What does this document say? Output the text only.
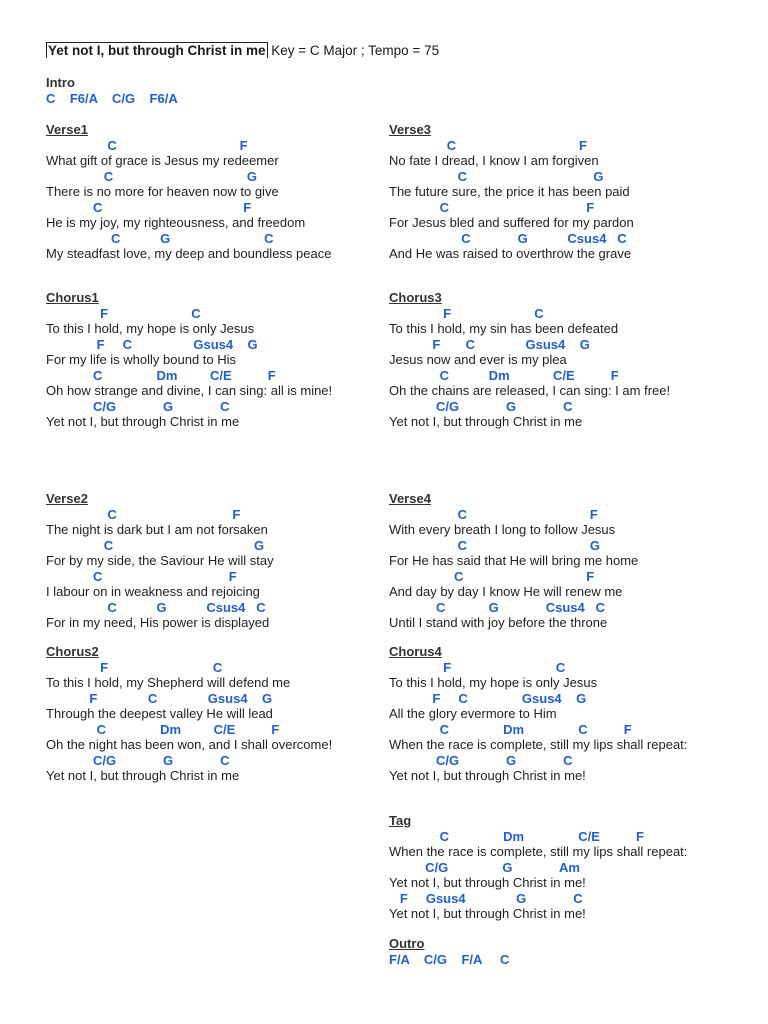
Yet not I, but through Christ in me Key = C Major ; Tempo = 75
Intro
C    F6/A    C/G    F6/A
Verse1
C                                  F
What gift of grace is Jesus my redeemer
C                                     G
There is no more for heaven now to give
C                                       F
He is my joy, my righteousness, and freedom
C           G                          C
My steadfast love, my deep and boundless peace
Chorus1
F                       C
To this I hold, my hope is only Jesus
F     C                 Gsus4    G
For my life is wholly bound to His
C               Dm         C/E          F
Oh how strange and divine, I can sing: all is mine!
C/G             G             C
Yet not I, but through Christ in me
Verse2
C                                F
The night is dark but I am not forsaken
C                                       G
For by my side, the Saviour He will stay
C                                   F
I labour on in weakness and rejoicing
C           G           Csus4   C
For in my need, His power is displayed
Chorus2
F                             C
To this I hold, my Shepherd will defend me
F              C              Gsus4    G
Through the deepest valley He will lead
C               Dm         C/E          F
Oh the night has been won, and I shall overcome!
C/G             G             C
Yet not I, but through Christ in me
Verse3
C                                  F
No fate I dread, I know I am forgiven
C                                   G
The future sure, the price it has been paid
C                                      F
For Jesus bled and suffered for my pardon
C             G           Csus4   C
And He was raised to overthrow the grave
Chorus3
F                       C
To this I hold, my sin has been defeated
F       C              Gsus4    G
Jesus now and ever is my plea
C           Dm            C/E          F
Oh the chains are released, I can sing: I am free!
C/G             G             C
Yet not I, but through Christ in me
Verse4
C                                  F
With every breath I long to follow Jesus
C                                  G
For He has said that He will bring me home
C                                  F
And day by day I know He will renew me
C            G             Csus4   C
Until I stand with joy before the throne
Chorus4
F                             C
To this I hold, my hope is only Jesus
F     C               Gsus4    G
All the glory evermore to Him
C               Dm               C          F
When the race is complete, still my lips shall repeat:
C/G             G             C
Yet not I, but through Christ in me!
Tag
C               Dm               C/E          F
When the race is complete, still my lips shall repeat:
C/G               G             Am
Yet not I, but through Christ in me!
F     Gsus4              G             C
Yet not I, but through Christ in me!
Outro
F/A    C/G    F/A     C
